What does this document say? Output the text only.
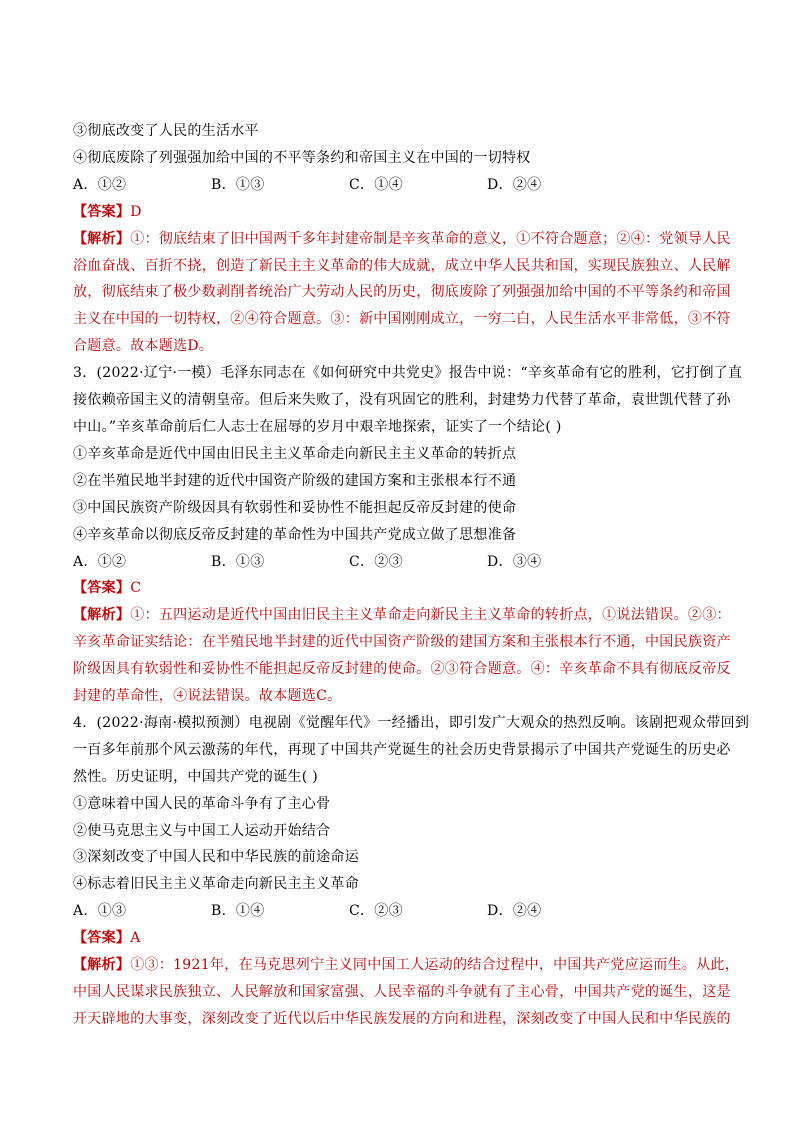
③彻底改变了人民的生活水平
④彻底废除了列强强加给中国的不平等条约和帝国主义在中国的一切特权
A．①②	B．①③	C．①④	D．②④
【答案】D
【解析】①：彻底结束了旧中国两千多年封建帝制是辛亥革命的意义，①不符合题意；②④：党领导人民
浴血奋战、百折不挠，创造了新民主主义革命的伟大成就，成立中华人民共和国，实现民族独立、人民解
放，彻底结束了极少数剥削者统治广大劳动人民的历史，彻底废除了列强强加给中国的不平等条约和帝国
主义在中国的一切特权，②④符合题意。③：新中国刚刚成立，一穷二白，人民生活水平非常低，③不符
合题意。故本题选D。
3．(2022·辽宁·一模）毛泽东同志在《如何研究中共党史》报告中说：“辛亥革命有它的胜利，它打倒了直
接依赖帝国主义的清朝皇帝。但后来失败了，没有巩固它的胜利，封建势力代替了革命，袁世凯代替了孙
中山。”辛亥革命前后仁人志士在屈辱的岁月中艰辛地探索，证实了一个结论( )
①辛亥革命是近代中国由旧民主主义革命走向新民主主义革命的转折点
②在半殖民地半封建的近代中国资产阶级的建国方案和主张根本行不通
③中国民族资产阶级因具有软弱性和妥协性不能担起反帝反封建的使命
④辛亥革命以彻底反帝反封建的革命性为中国共产党成立做了思想准备
A．①②	B．①③	C．②③	D．③④
【答案】C
【解析】①：五四运动是近代中国由旧民主主义革命走向新民主主义革命的转折点，①说法错误。②③：
辛亥革命证实结论：在半殖民地半封建的近代中国资产阶级的建国方案和主张根本行不通，中国民族资产
阶级因具有软弱性和妥协性不能担起反帝反封建的使命。②③符合题意。④：辛亥革命不具有彻底反帝反
封建的革命性，④说法错误。故本题选C。
4．(2022·海南·模拟预测）电视剧《觉醒年代》一经播出，即引发广大观众的热烈反响。该剧把观众带回到
一百多年前那个风云激荡的年代，再现了中国共产党诞生的社会历史背景揭示了中国共产党诞生的历史必
然性。历史证明，中国共产党的诞生( )
①意味着中国人民的革命斗争有了主心骨
②使马克思主义与中国工人运动开始结合
③深刻改变了中国人民和中华民族的前途命运
④标志着旧民主主义革命走向新民主主义革命
A．①③	B．①④	C．②③	D．②④
【答案】A
【解析】①③：1921年，在马克思列宁主义同中国工人运动的结合过程中，中国共产党应运而生。从此，
中国人民谋求民族独立、人民解放和国家富强、人民幸福的斗争就有了主心骨，中国共产党的诞生，这是
开天辟地的大事变，深刻改变了近代以后中华民族发展的方向和进程，深刻改变了中国人民和中华民族的
